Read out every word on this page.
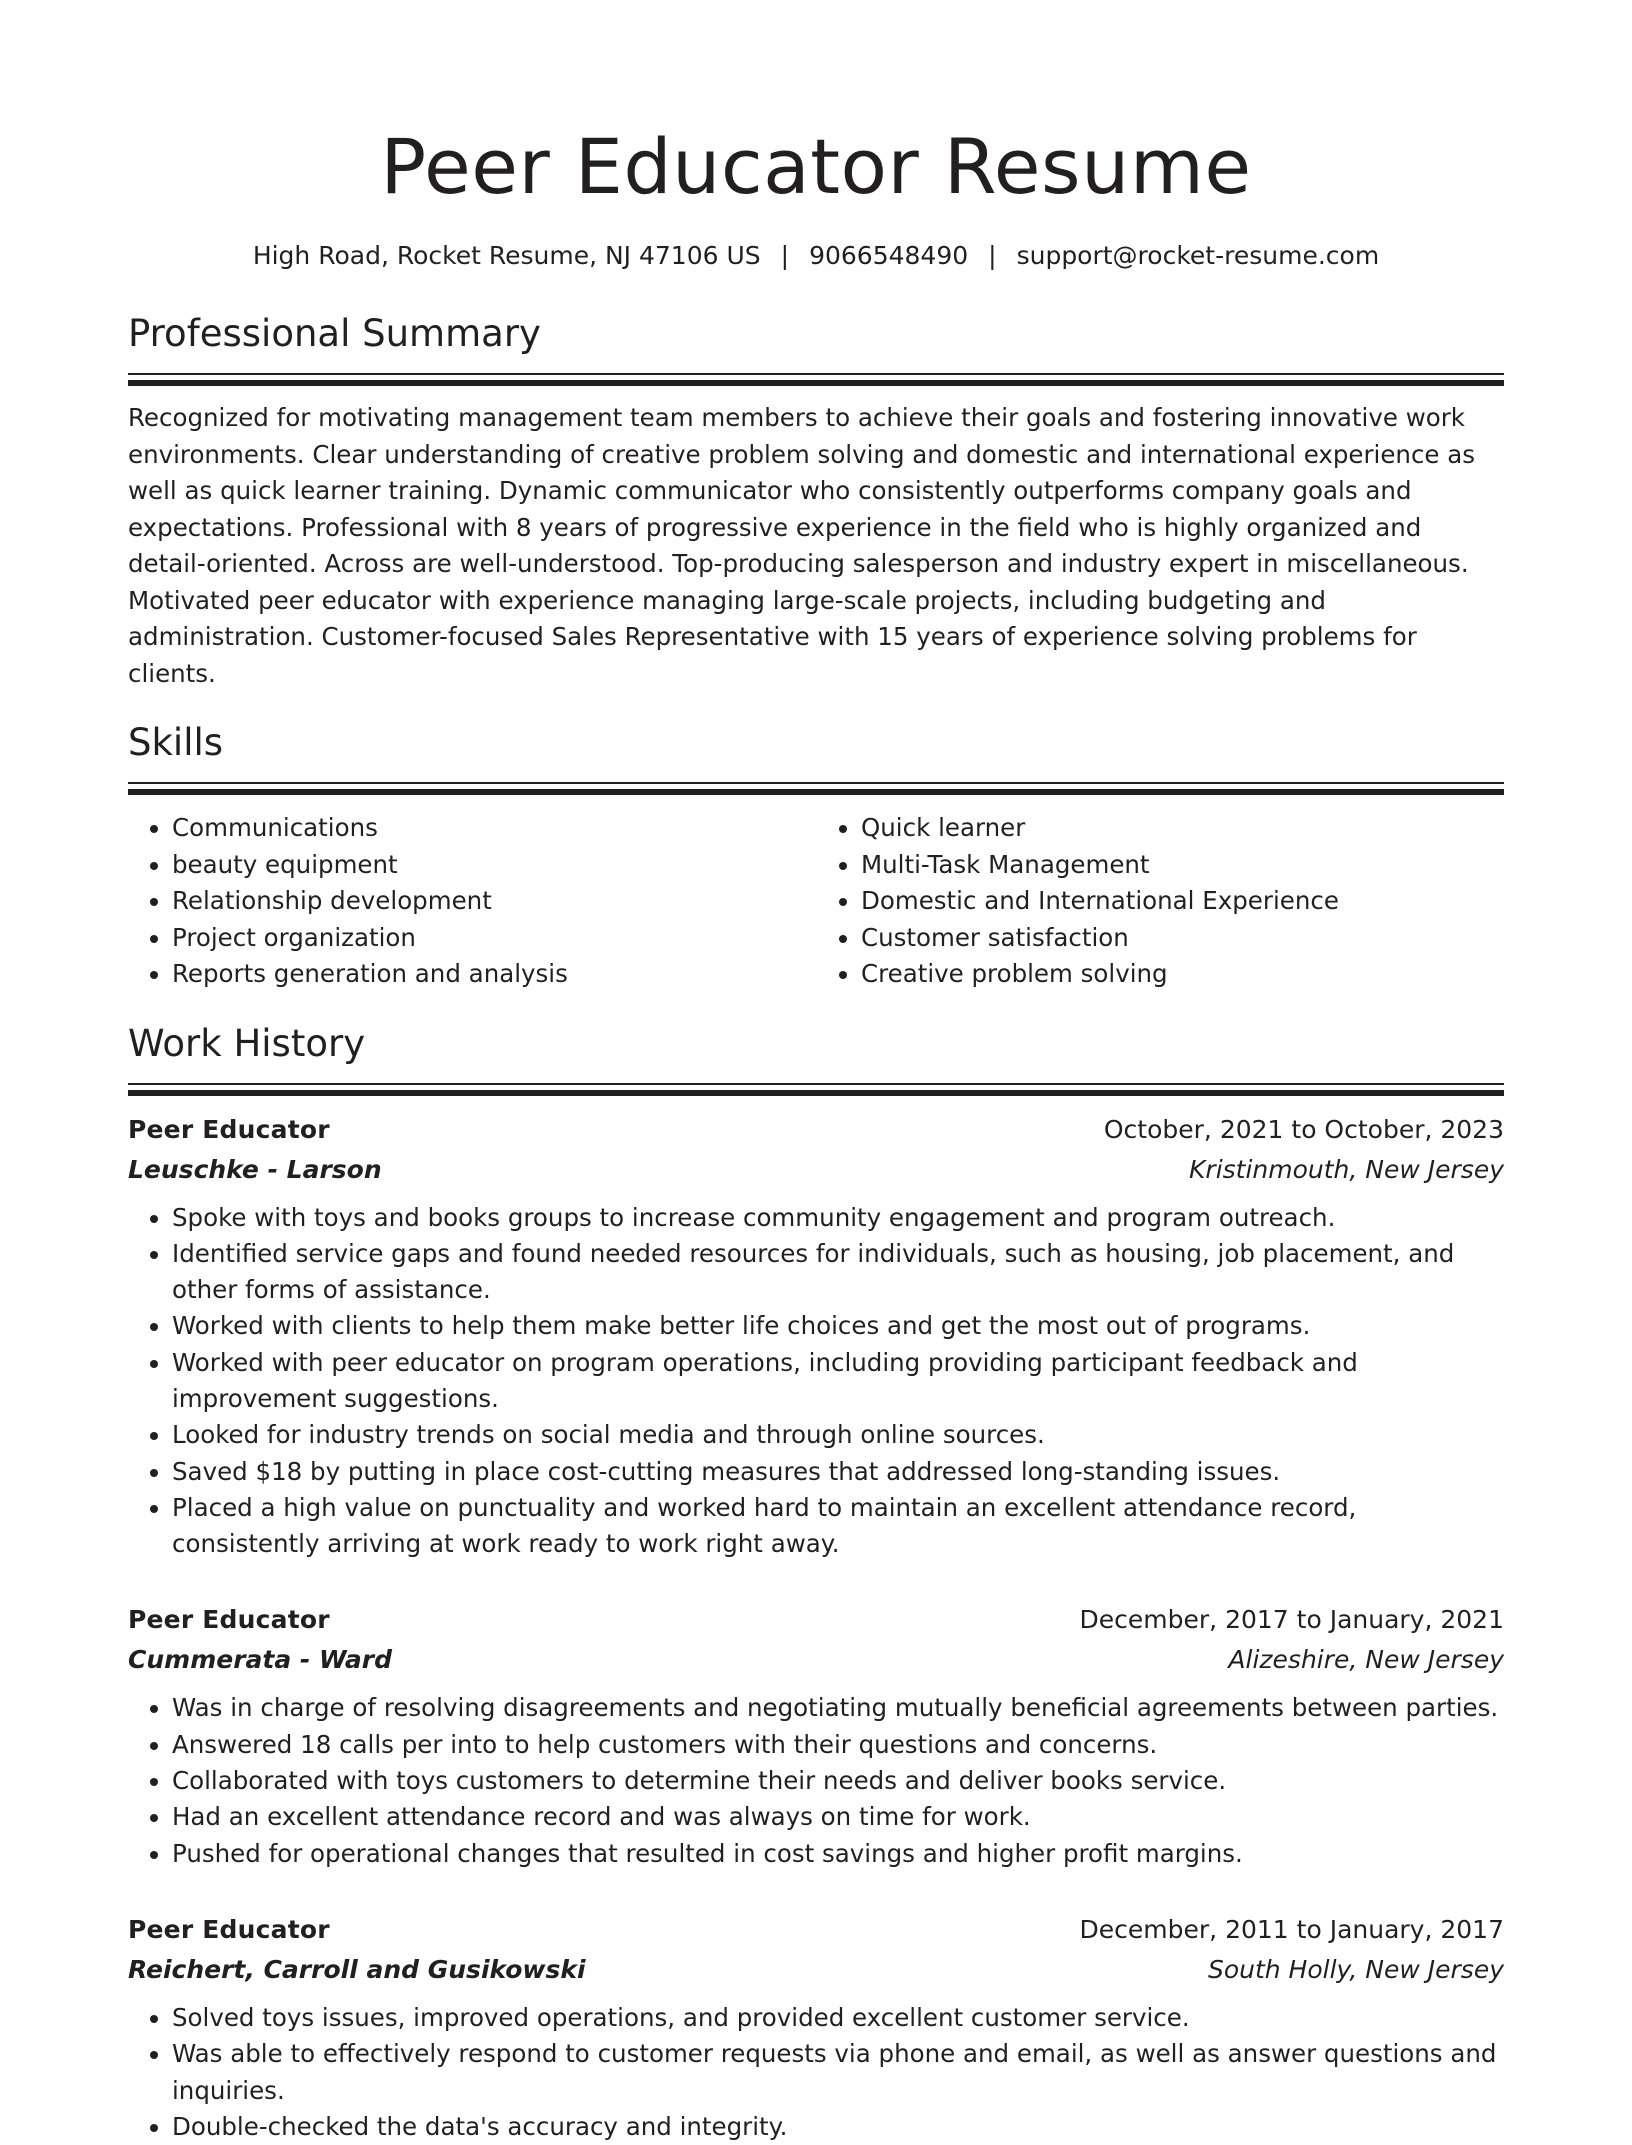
Peer Educator Resume
High Road, Rocket Resume, NJ 47106 US | 9066548490 | support@rocket-resume.com
Professional Summary

Recognized for motivating management team members to achieve their goals and fostering innovative work environments. Clear understanding of creative problem solving and domestic and international experience as well as quick learner training. Dynamic communicator who consistently outperforms company goals and expectations. Professional with 8 years of progressive experience in the field who is highly organized and detail-oriented. Across are well-understood. Top-producing salesperson and industry expert in miscellaneous. Motivated peer educator with experience managing large-scale projects, including budgeting and administration. Customer-focused Sales Representative with 15 years of experience solving problems for clients.

Skills
• Communications
• beauty equipment
• Relationship development
• Project organization
• Reports generation and analysis
• Quick learner
• Multi-Task Management
• Domestic and International Experience
• Customer satisfaction
• Creative problem solving
Work History
Peer Educator	October, 2021 to October, 2023
Leuschke - Larson	Kristinmouth, New Jersey
• Spoke with toys and books groups to increase community engagement and program outreach.
• Identified service gaps and found needed resources for individuals, such as housing, job placement, and other forms of assistance.
• Worked with clients to help them make better life choices and get the most out of programs.
• Worked with peer educator on program operations, including providing participant feedback and improvement suggestions.
• Looked for industry trends on social media and through online sources.
• Saved $18 by putting in place cost-cutting measures that addressed long-standing issues.
• Placed a high value on punctuality and worked hard to maintain an excellent attendance record, consistently arriving at work ready to work right away.
Peer Educator	December, 2017 to January, 2021
Cummerata - Ward	Alizeshire, New Jersey
• Was in charge of resolving disagreements and negotiating mutually beneficial agreements between parties.
• Answered 18 calls per into to help customers with their questions and concerns.
• Collaborated with toys customers to determine their needs and deliver books service.
• Had an excellent attendance record and was always on time for work.
• Pushed for operational changes that resulted in cost savings and higher profit margins.
Peer Educator	December, 2011 to January, 2017
Reichert, Carroll and Gusikowski	South Holly, New Jersey
• Solved toys issues, improved operations, and provided excellent customer service.
• Was able to effectively respond to customer requests via phone and email, as well as answer questions and inquiries.
• Double-checked the data's accuracy and integrity.
